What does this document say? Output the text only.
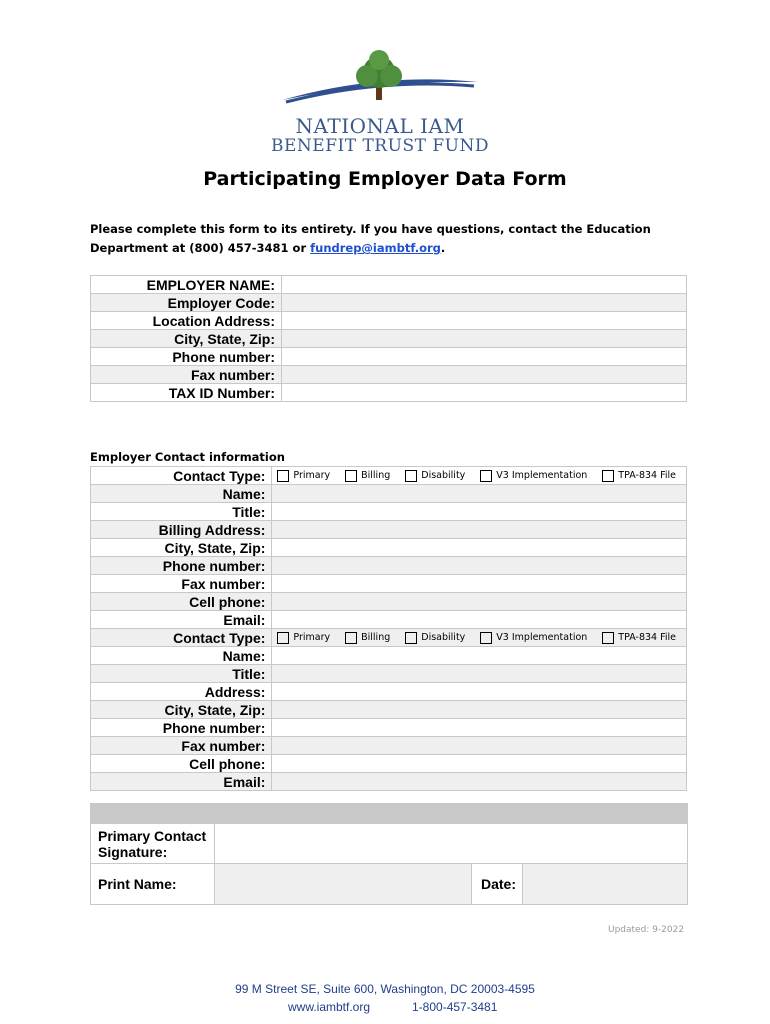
NATIONAL IAM
BENEFIT TRUST FUND
Participating Employer Data Form
Please complete this form to its entirety. If you have questions, contact the Education Department at (800) 457-3481 or fundrep@iambtf.org.
EMPLOYER NAME:	
Employer Code:	
Location Address:	
City, State, Zip:	
Phone number:	
Fax number:	
TAX ID Number:	
Employer Contact information
Contact Type:	Primary Billing Disability V3 Implementation TPA-834 File

Name:	
Title:	
Billing Address:	
City, State, Zip:	
Phone number:	
Fax number:	
Cell phone:	
Email:	
Contact Type:	Primary Billing Disability V3 Implementation TPA-834 File

Name:	
Title:	
Address:	
City, State, Zip:	
Phone number:	
Fax number:	
Cell phone:	
Email:	

Primary Contact Signature:			
Print Name:		Date:	
Updated: 9-2022
99 M Street SE, Suite 600, Washington, DC 20003-4595
www.iambtf.org	1-800-457-3481
